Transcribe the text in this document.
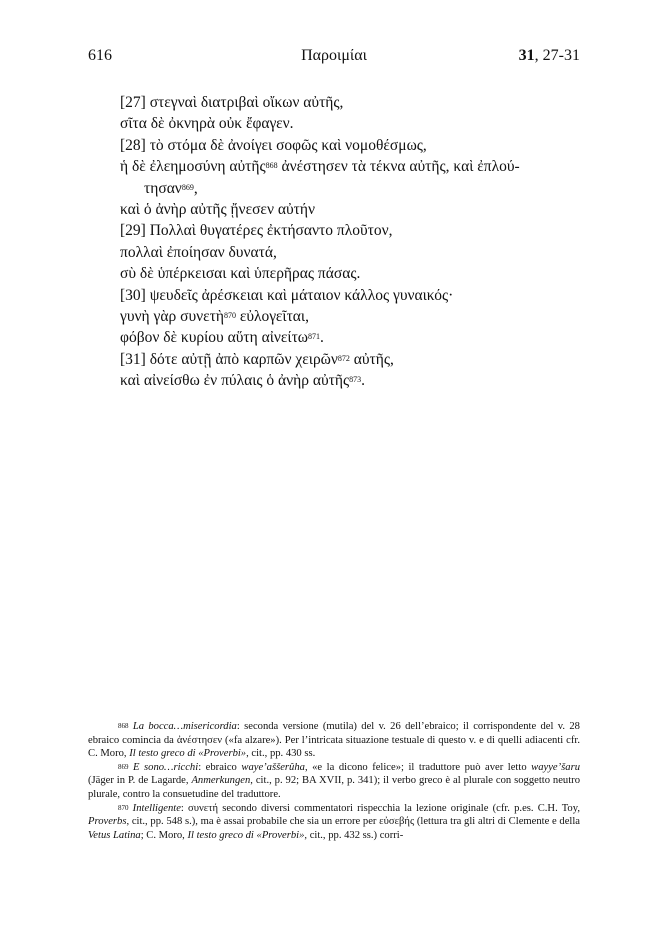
616	Παροιμίαι	31, 27-31
[27] στεγναὶ διατριβαὶ οἴκων αὐτῆς,
σῖτα δὲ ὀκνηρὰ οὐκ ἔφαγεν.
[28] τὸ στόμα δὲ ἀνοίγει σοφῶς καὶ νομοθέσμως,
ἡ δὲ ἐλεημοσύνη αὐτῆς$^{868}$ ἀνέστησεν τὰ τέκνα αὐτῆς, καὶ ἐπλού-
τησαν$^{869}$,
καὶ ὁ ἀνὴρ αὐτῆς ᾔνεσεν αὐτήν
[29] Πολλαὶ θυγατέρες ἐκτήσαντο πλοῦτον,
πολλαὶ ἐποίησαν δυνατά,
σὺ δὲ ὑπέρκεισαι καὶ ὑπερῆρας πάσας.
[30] ψευδεῖς ἀρέσκειαι καὶ μάταιον κάλλος γυναικός·
γυνὴ γὰρ συνετὴ$^{870}$ εὐλογεῖται,
φόβον δὲ κυρίου αὕτη αἰνείτω$^{871}$.
[31] δότε αὐτῇ ἀπὸ καρπῶν χειρῶν$^{872}$ αὐτῆς,
καὶ αἰνείσθω ἐν πύλαις ὁ ἀνὴρ αὐτῆς$^{873}$.

$^{868}$ La bocca…misericordia: seconda versione (mutila) del v. 26 dell’ebraico; il corrispondente del v. 28 ebraico comincia da ἀνέστησεν («fa alzare»). Per l’intricata situazione testuale di questo v. e di quelli adiacenti cfr. C. Moro, Il testo greco di «Proverbi», cit., pp. 430 ss.

$^{869}$ E sono…ricchi: ebraico waye’aššerûha, «e la dicono felice»; il traduttore può aver letto wayye’šaru (Jäger in P. de Lagarde, Anmerkungen, cit., p. 92; BA XVII, p. 341); il verbo greco è al plurale con soggetto neutro plurale, contro la consuetudine del traduttore.

$^{870}$ Intelligente: συνετή secondo diversi commentatori rispecchia la lezione originale (cfr. p.es. C.H. Toy, Proverbs, cit., pp. 548 s.), ma è assai probabile che sia un errore per εὐσεβής (lettura tra gli altri di Clemente e della Vetus Latina; C. Moro, Il testo greco di «Proverbi», cit., pp. 432 ss.) corri-
